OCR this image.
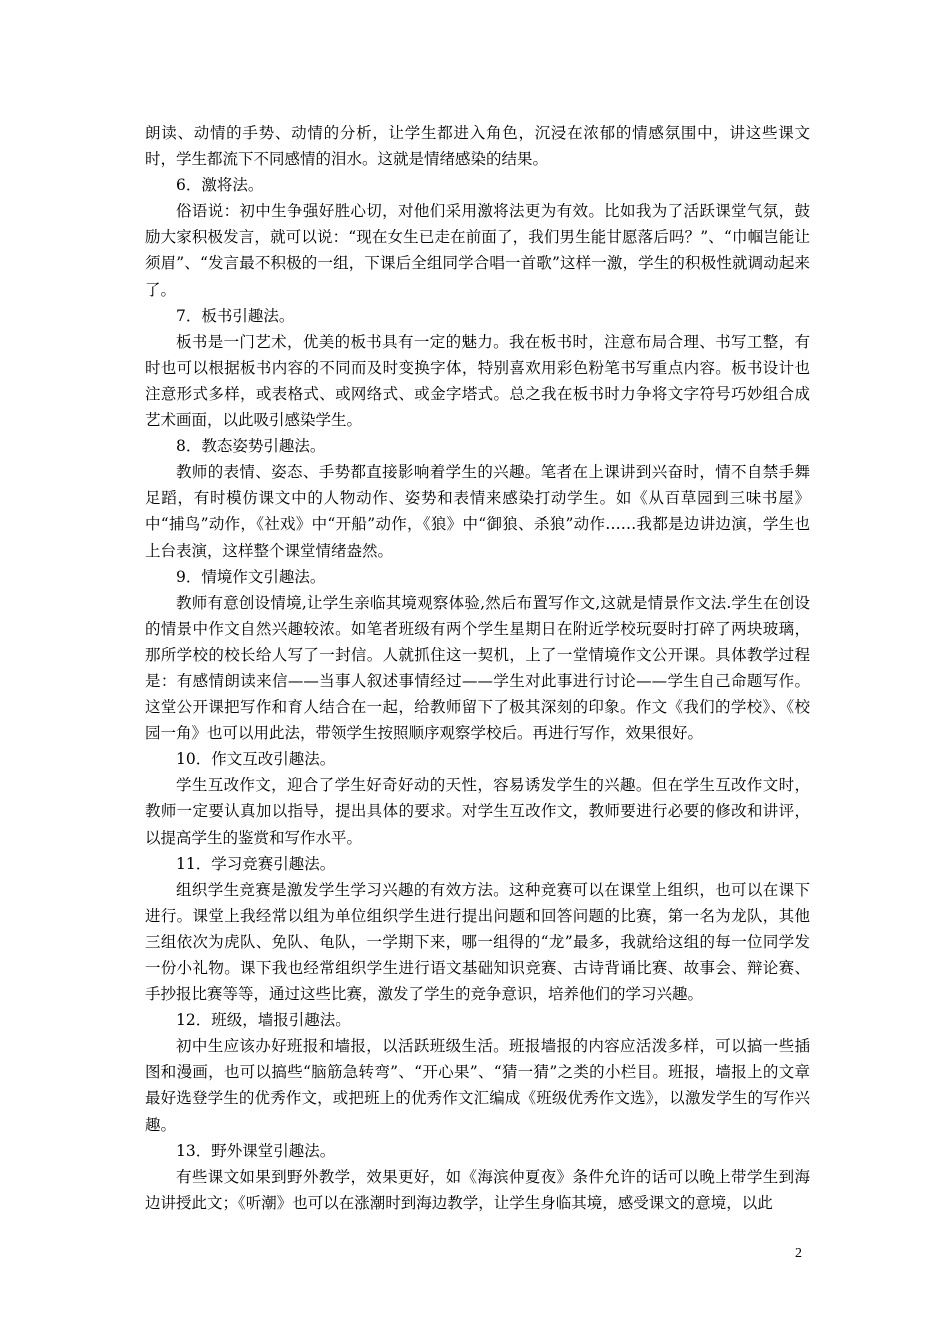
朗读、动情的手势、动情的分析，让学生都进入角色，沉浸在浓郁的情感氛围中，讲这些课文时，学生都流下不同感情的泪水。这就是情绪感染的结果。

6．激将法。

俗语说：初中生争强好胜心切，对他们采用激将法更为有效。比如我为了活跃课堂气氛，鼓励大家积极发言，就可以说：“现在女生已走在前面了，我们男生能甘愿落后吗？”、“巾帼岂能让须眉”、“发言最不积极的一组，下课后全组同学合唱一首歌”这样一激，学生的积极性就调动起来了。

7．板书引趣法。

板书是一门艺术，优美的板书具有一定的魅力。我在板书时，注意布局合理、书写工整，有时也可以根据板书内容的不同而及时变换字体，特别喜欢用彩色粉笔书写重点内容。板书设计也注意形式多样，或表格式、或网络式、或金字塔式。总之我在板书时力争将文字符号巧妙组合成艺术画面，以此吸引感染学生。

8．教态姿势引趣法。

教师的表情、姿态、手势都直接影响着学生的兴趣。笔者在上课讲到兴奋时，情不自禁手舞足蹈，有时模仿课文中的人物动作、姿势和表情来感染打动学生。如《从百草园到三味书屋》中“捕鸟”动作，《社戏》中“开船”动作，《狼》中“御狼、杀狼”动作……我都是边讲边演，学生也上台表演，这样整个课堂情绪盎然。

9．情境作文引趣法。

教师有意创设情境,让学生亲临其境观察体验,然后布置写作文,这就是情景作文法.学生在创设的情景中作文自然兴趣较浓。如笔者班级有两个学生星期日在附近学校玩耍时打碎了两块玻璃，那所学校的校长给人写了一封信。人就抓住这一契机，上了一堂情境作文公开课。具体教学过程是：有感情朗读来信——当事人叙述事情经过——学生对此事进行讨论——学生自己命题写作。这堂公开课把写作和育人结合在一起，给教师留下了极其深刻的印象。作文《我们的学校》、《校园一角》也可以用此法，带领学生按照顺序观察学校后。再进行写作，效果很好。

10．作文互改引趣法。

学生互改作文，迎合了学生好奇好动的天性，容易诱发学生的兴趣。但在学生互改作文时，教师一定要认真加以指导，提出具体的要求。对学生互改作文，教师要进行必要的修改和讲评，以提高学生的鉴赏和写作水平。

11．学习竞赛引趣法。

组织学生竞赛是激发学生学习兴趣的有效方法。这种竞赛可以在课堂上组织，也可以在课下进行。课堂上我经常以组为单位组织学生进行提出问题和回答问题的比赛，第一名为龙队，其他三组依次为虎队、免队、龟队，一学期下来，哪一组得的“龙”最多，我就给这组的每一位同学发一份小礼物。课下我也经常组织学生进行语文基础知识竞赛、古诗背诵比赛、故事会、辩论赛、手抄报比赛等等，通过这些比赛，激发了学生的竞争意识，培养他们的学习兴趣。

12．班级，墙报引趣法。

初中生应该办好班报和墙报，以活跃班级生活。班报墙报的内容应活泼多样，可以搞一些插图和漫画，也可以搞些“脑筋急转弯”、“开心果”、“猜一猜”之类的小栏目。班报，墙报上的文章最好选登学生的优秀作文，或把班上的优秀作文汇编成《班级优秀作文选》，以激发学生的写作兴趣。

13．野外课堂引趣法。

有些课文如果到野外教学，效果更好，如《海滨仲夏夜》条件允许的话可以晚上带学生到海边讲授此文；《听潮》也可以在涨潮时到海边教学，让学生身临其境，感受课文的意境，以此

2
